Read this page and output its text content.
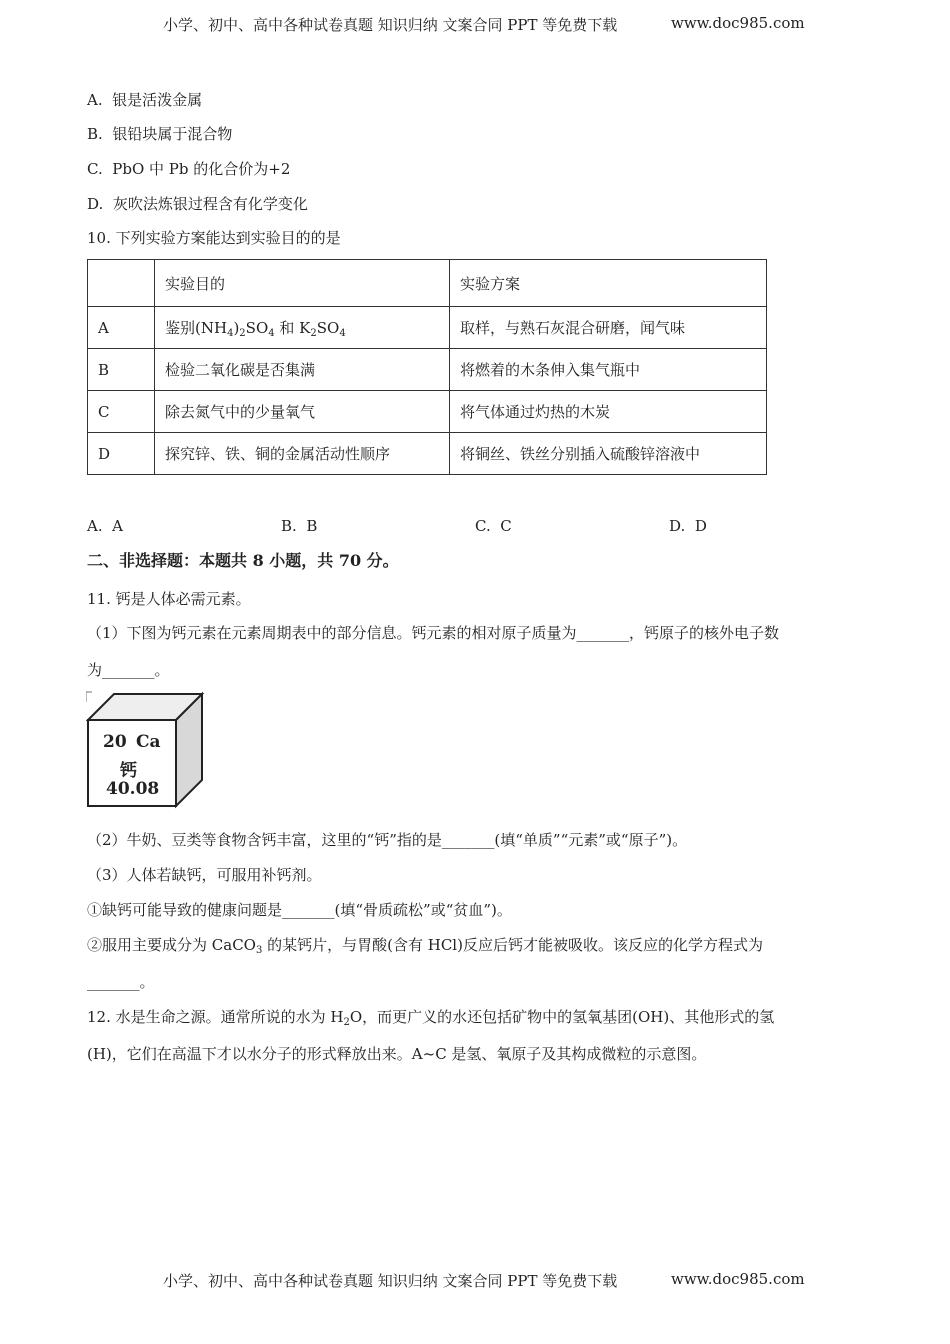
小学、初中、高中各种试卷真题 知识归纳 文案合同 PPT 等免费下载	www.doc985.com
A. 银是活泼金属
B. 银铅块属于混合物
C. PbO 中 Pb 的化合价为+2
D. 灰吹法炼银过程含有化学变化
10. 下列实验方案能达到实验目的的是
	实验目的	实验方案
A	鉴别$(NH_4)_2SO_4$ 和 $K_2SO_4$	取样，与熟石灰混合研磨，闻气味
B	检验二氧化碳是否集满	将燃着的木条伸入集气瓶中
C	除去氮气中的少量氧气	将气体通过灼热的木炭
D	探究锌、铁、铜的金属活动性顺序	将铜丝、铁丝分别插入硫酸锌溶液中
A. A	B. B	C. C	D. D
二、非选择题：本题共 8 小题，共 70 分。
11. 钙是人体必需元素。
（1）下图为钙元素在元素周期表中的部分信息。钙元素的相对原子质量为_______，钙原子的核外电子数
为_______。
20 Ca
钙
40.08
（2）牛奶、豆类等食物含钙丰富，这里的“钙”指的是_______(填“单质”“元素”或“原子”)。
（3）人体若缺钙，可服用补钙剂。
①缺钙可能导致的健康问题是_______(填“骨质疏松”或“贫血”)。
②服用主要成分为 CaCO$_3$ 的某钙片，与胃酸(含有 HCl)反应后钙才能被吸收。该反应的化学方程式为
_______。
12. 水是生命之源。通常所说的水为 $H_2O$，而更广义的水还包括矿物中的氢氧基团(OH)、其他形式的氢
(H)，它们在高温下才以水分子的形式释放出来。A~C 是氢、氧原子及其构成微粒的示意图。
小学、初中、高中各种试卷真题 知识归纳 文案合同 PPT 等免费下载	www.doc985.com
